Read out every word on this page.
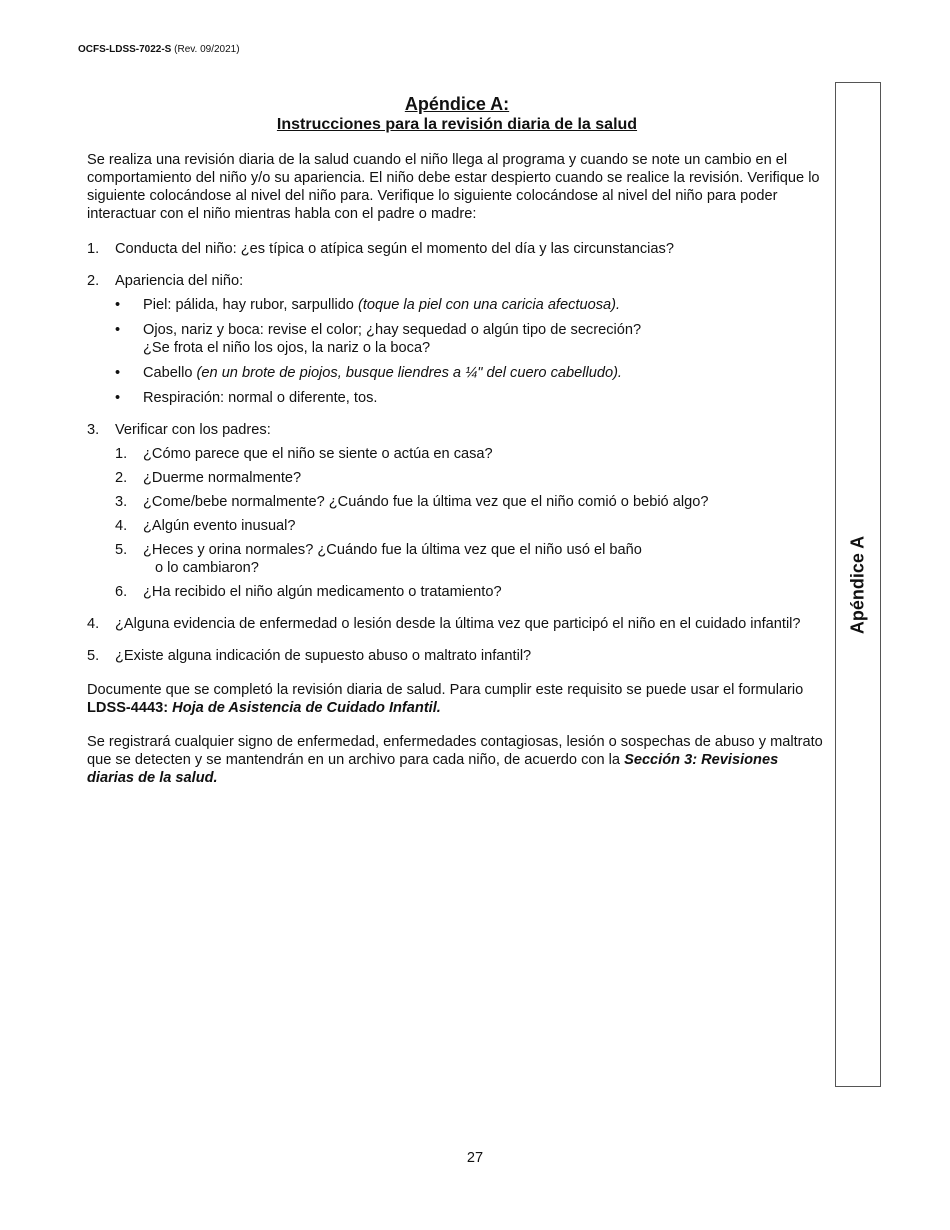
OCFS-LDSS-7022-S (Rev. 09/2021)
Apéndice A:
Instrucciones para la revisión diaria de la salud

Se realiza una revisión diaria de la salud cuando el niño llega al programa y cuando se note un cambio en el comportamiento del niño y/o su apariencia. El niño debe estar despierto cuando se realice la revisión. Verifique lo siguiente colocándose al nivel del niño para. Verifique lo siguiente colocándose al nivel del niño para poder interactuar con el niño mientras habla con el padre o madre:

1. Conducta del niño: ¿es típica o atípica según el momento del día y las circunstancias?
2. Apariencia del niño:
• Piel: pálida, hay rubor, sarpullido (toque la piel con una caricia afectuosa).
• Ojos, nariz y boca: revise el color; ¿hay sequedad o algún tipo de secreción?
¿Se frota el niño los ojos, la nariz o la boca?
• Cabello (en un brote de piojos, busque liendres a ¼" del cuero cabelludo).
• Respiración: normal o diferente, tos.
3. Verificar con los padres:
1. ¿Cómo parece que el niño se siente o actúa en casa?
2. ¿Duerme normalmente?
3. ¿Come/bebe normalmente? ¿Cuándo fue la última vez que el niño comió o bebió algo?
4. ¿Algún evento inusual?
5. ¿Heces y orina normales? ¿Cuándo fue la última vez que el niño usó el baño
o lo cambiaron?
6. ¿Ha recibido el niño algún medicamento o tratamiento?
4. ¿Alguna evidencia de enfermedad o lesión desde la última vez que participó el niño en el cuidado infantil?
5. ¿Existe alguna indicación de supuesto abuso o maltrato infantil?

Documente que se completó la revisión diaria de salud. Para cumplir este requisito se puede usar el formulario LDSS-4443: Hoja de Asistencia de Cuidado Infantil.

Se registrará cualquier signo de enfermedad, enfermedades contagiosas, lesión o sospechas de abuso y maltrato que se detecten y se mantendrán en un archivo para cada niño, de acuerdo con la Sección 3: Revisiones diarias de la salud.

Apéndice A
27
